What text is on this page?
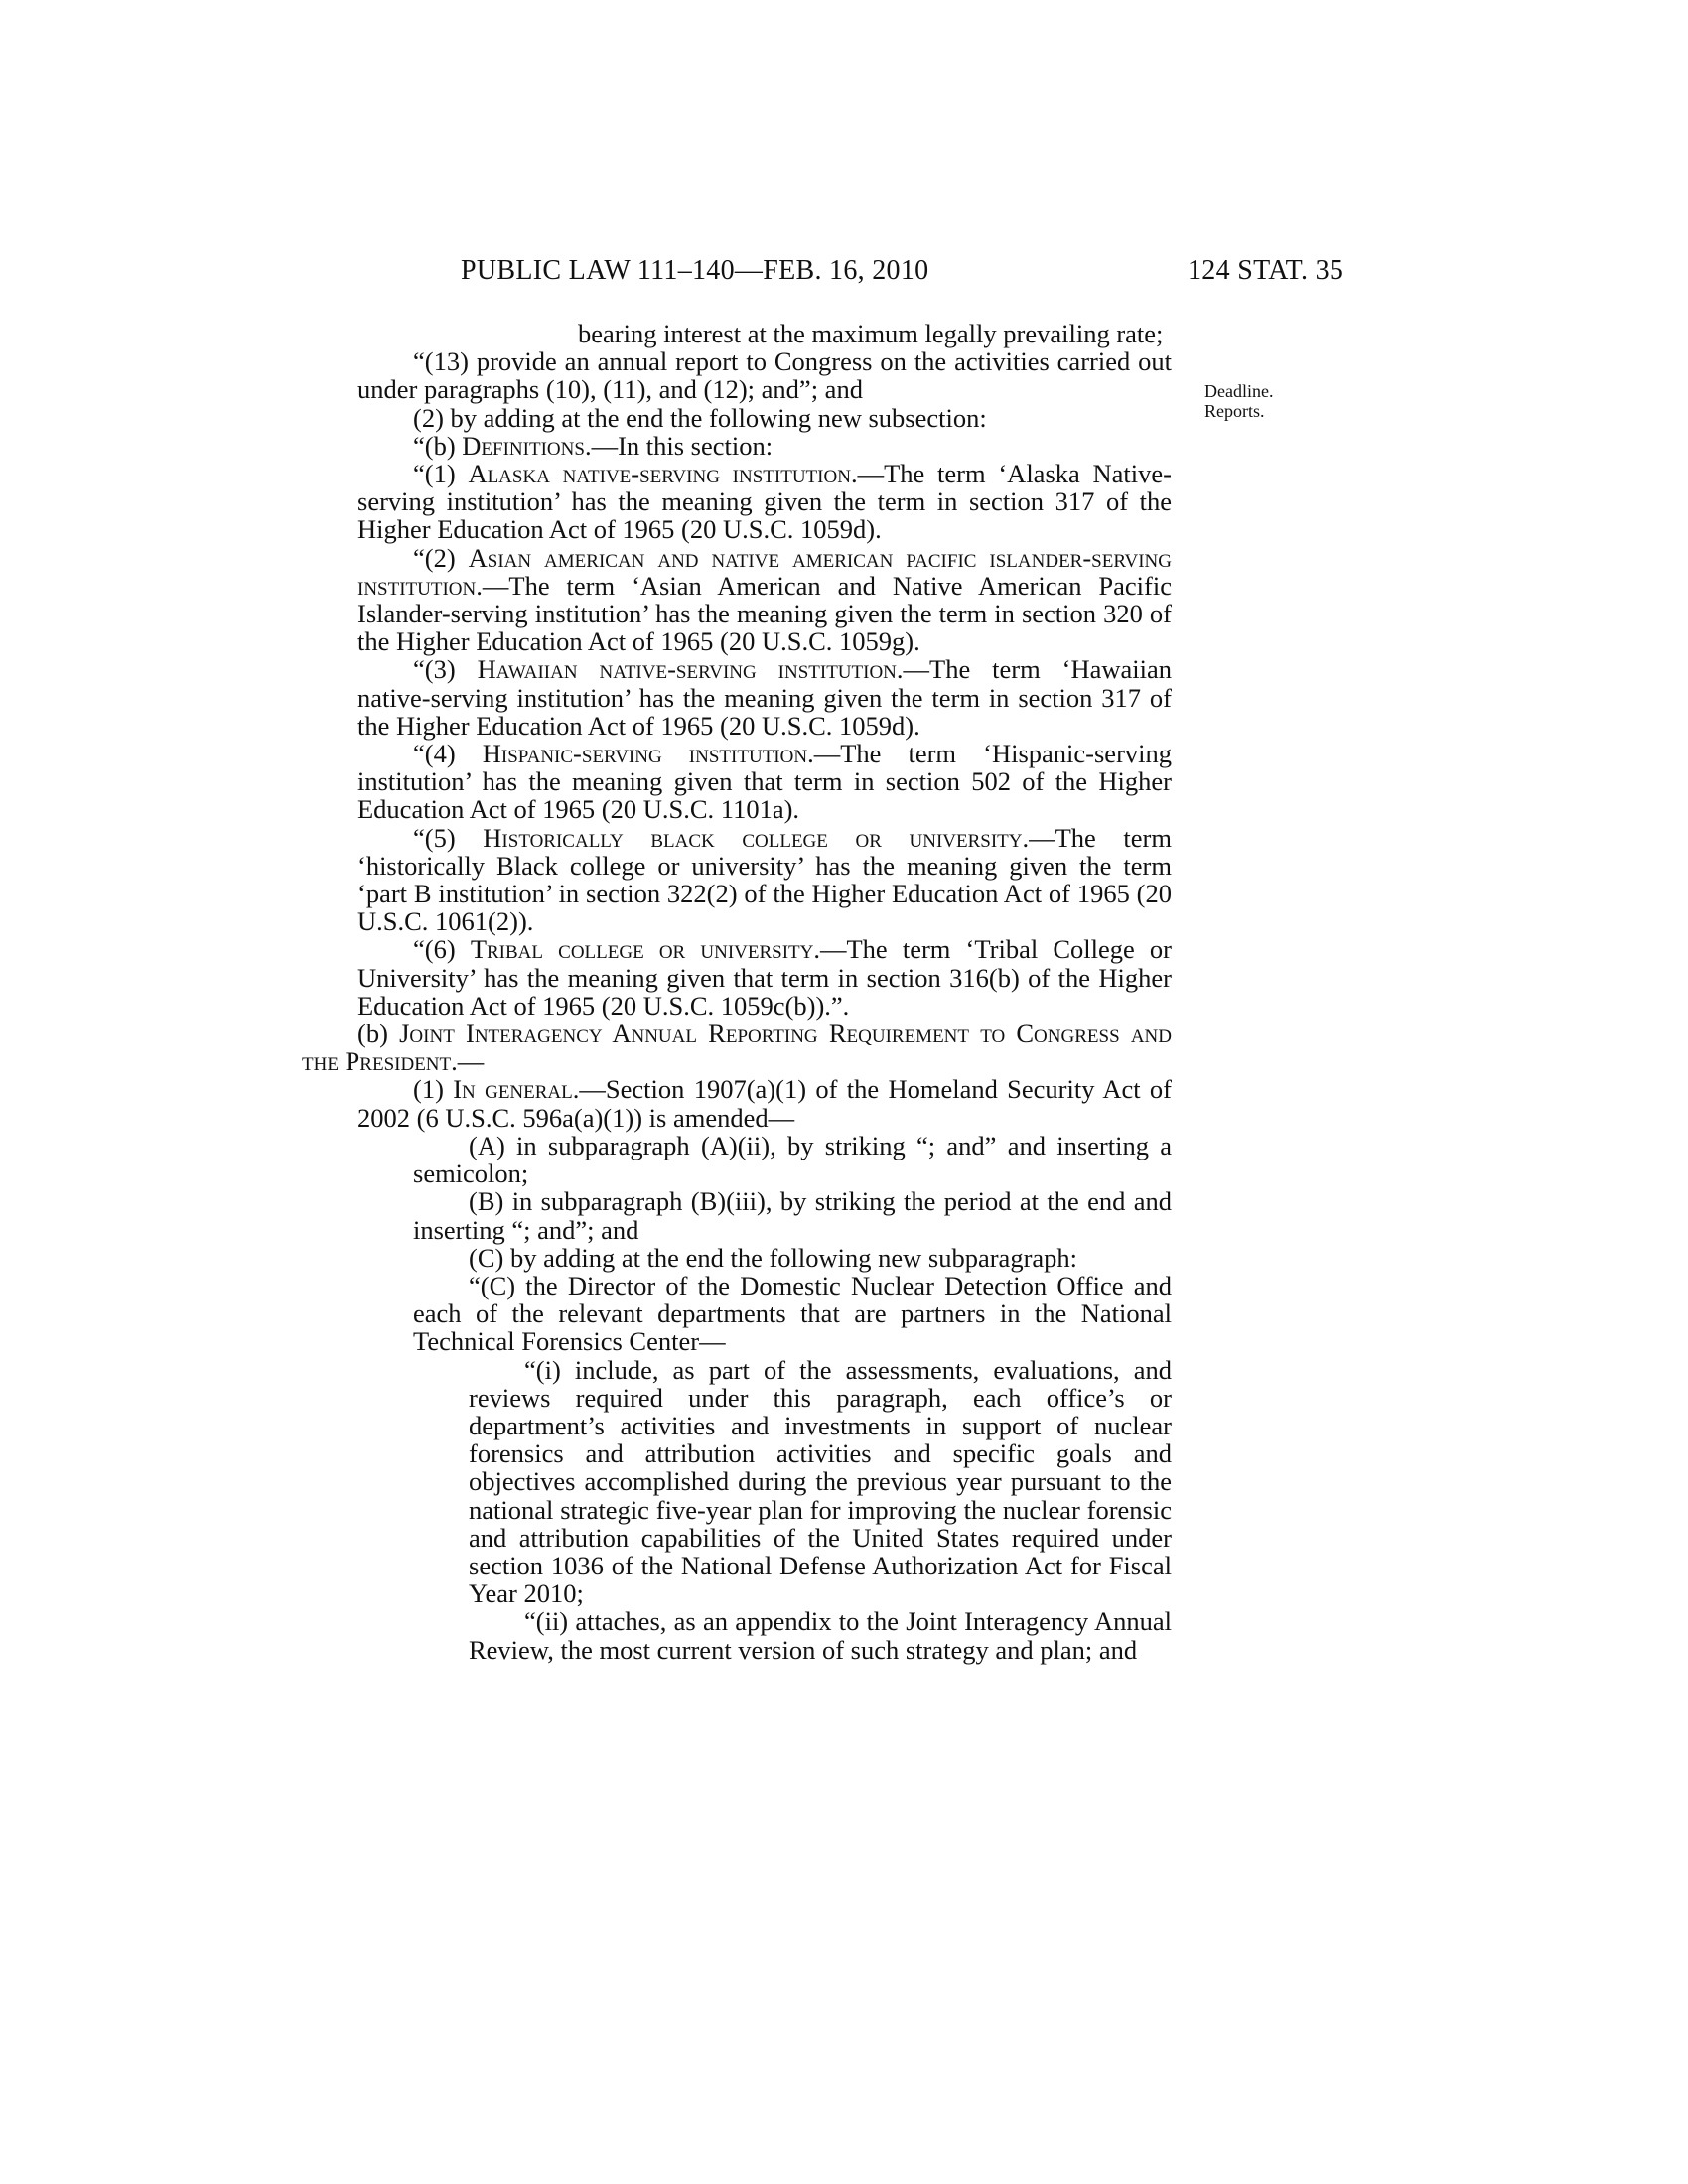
PUBLIC LAW 111–140—FEB. 16, 2010	124 STAT. 35
Deadline.
Reports.

bearing interest at the maximum legally prevailing rate;

“(13) provide an annual report to Congress on the activities carried out under paragraphs (10), (11), and (12); and”; and

(2) by adding at the end the following new subsection:

“(b) Definitions.—In this section:

“(1) Alaska native-serving institution.—The term ‘Alaska Native-serving institution’ has the meaning given the term in section 317 of the Higher Education Act of 1965 (20 U.S.C. 1059d).

“(2) Asian american and native american pacific islander-serving institution.—The term ‘Asian American and Native American Pacific Islander-serving institution’ has the meaning given the term in section 320 of the Higher Education Act of 1965 (20 U.S.C. 1059g).

“(3) Hawaiian native-serving institution.—The term ‘Hawaiian native-serving institution’ has the meaning given the term in section 317 of the Higher Education Act of 1965 (20 U.S.C. 1059d).

“(4) Hispanic-serving institution.—The term ‘Hispanic-serving institution’ has the meaning given that term in section 502 of the Higher Education Act of 1965 (20 U.S.C. 1101a).

“(5) Historically black college or university.—The term ‘historically Black college or university’ has the meaning given the term ‘part B institution’ in section 322(2) of the Higher Education Act of 1965 (20 U.S.C. 1061(2)).

“(6) Tribal college or university.—The term ‘Tribal College or University’ has the meaning given that term in section 316(b) of the Higher Education Act of 1965 (20 U.S.C. 1059c(b)).”.

(b) Joint Interagency Annual Reporting Requirement to Congress and the President.—

(1) In general.—Section 1907(a)(1) of the Homeland Security Act of 2002 (6 U.S.C. 596a(a)(1)) is amended—

(A) in subparagraph (A)(ii), by striking “; and” and inserting a semicolon;

(B) in subparagraph (B)(iii), by striking the period at the end and inserting “; and”; and

(C) by adding at the end the following new subparagraph:

“(C) the Director of the Domestic Nuclear Detection Office and each of the relevant departments that are partners in the National Technical Forensics Center—

“(i) include, as part of the assessments, evaluations, and reviews required under this paragraph, each office’s or department’s activities and investments in support of nuclear forensics and attribution activities and specific goals and objectives accomplished during the previous year pursuant to the national strategic five-year plan for improving the nuclear forensic and attribution capabilities of the United States required under section 1036 of the National Defense Authorization Act for Fiscal Year 2010;

“(ii) attaches, as an appendix to the Joint Interagency Annual Review, the most current version of such strategy and plan; and
